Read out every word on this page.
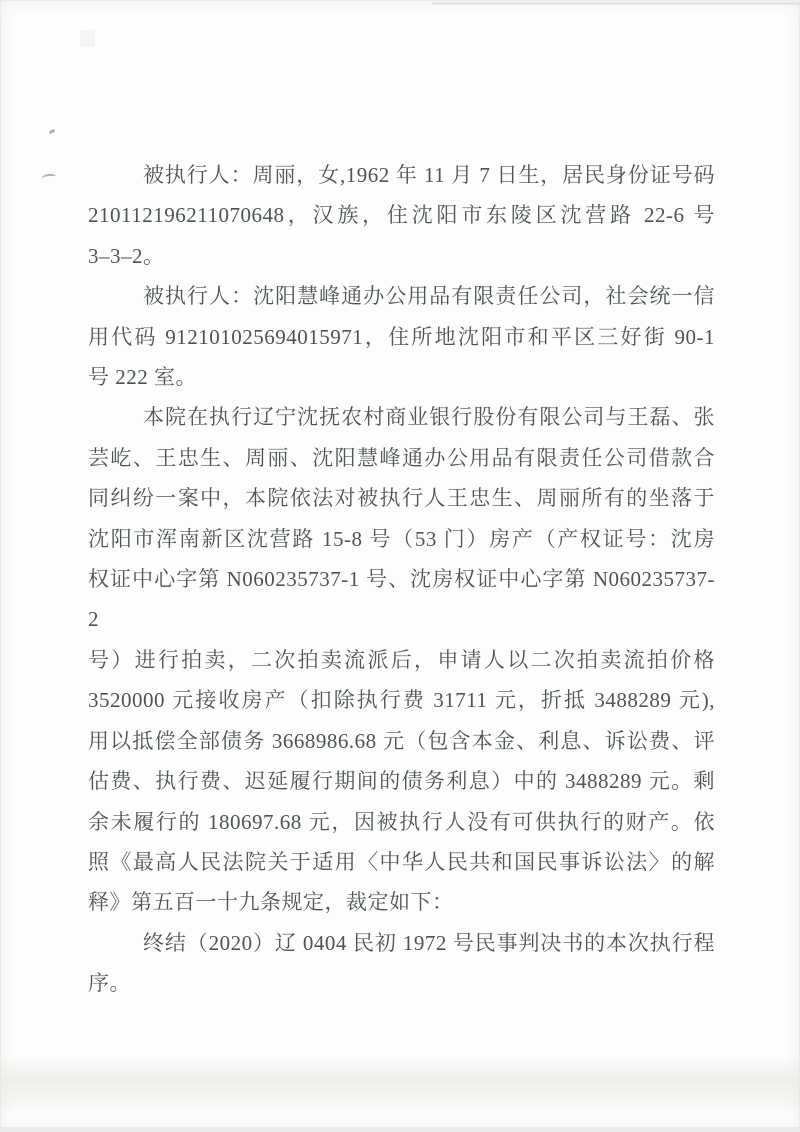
被执行人：周丽，女,1962 年 11 月 7 日生，居民身份证号码
210112196211070648，汉族，住沈阳市东陵区沈营路 22-6 号
3–3–2。
被执行人：沈阳慧峰通办公用品有限责任公司，社会统一信
用代码 912101025694015971，住所地沈阳市和平区三好街 90-1
号 222 室。
本院在执行辽宁沈抚农村商业银行股份有限公司与王磊、张
芸屹、王忠生、周丽、沈阳慧峰通办公用品有限责任公司借款合
同纠纷一案中，本院依法对被执行人王忠生、周丽所有的坐落于
沈阳市浑南新区沈营路 15-8 号（53 门）房产（产权证号：沈房
权证中心字第 N060235737-1 号、沈房权证中心字第 N060235737-2
号）进行拍卖，二次拍卖流派后，申请人以二次拍卖流拍价格
3520000 元接收房产（扣除执行费 31711 元，折抵 3488289 元),
用以抵偿全部债务 3668986.68 元（包含本金、利息、诉讼费、评
估费、执行费、迟延履行期间的债务利息）中的 3488289 元。剩
余未履行的 180697.68 元，因被执行人没有可供执行的财产。依
照《最高人民法院关于适用〈中华人民共和国民事诉讼法〉的解
释》第五百一十九条规定，裁定如下：
终结（2020）辽 0404 民初 1972 号民事判决书的本次执行程
序。
